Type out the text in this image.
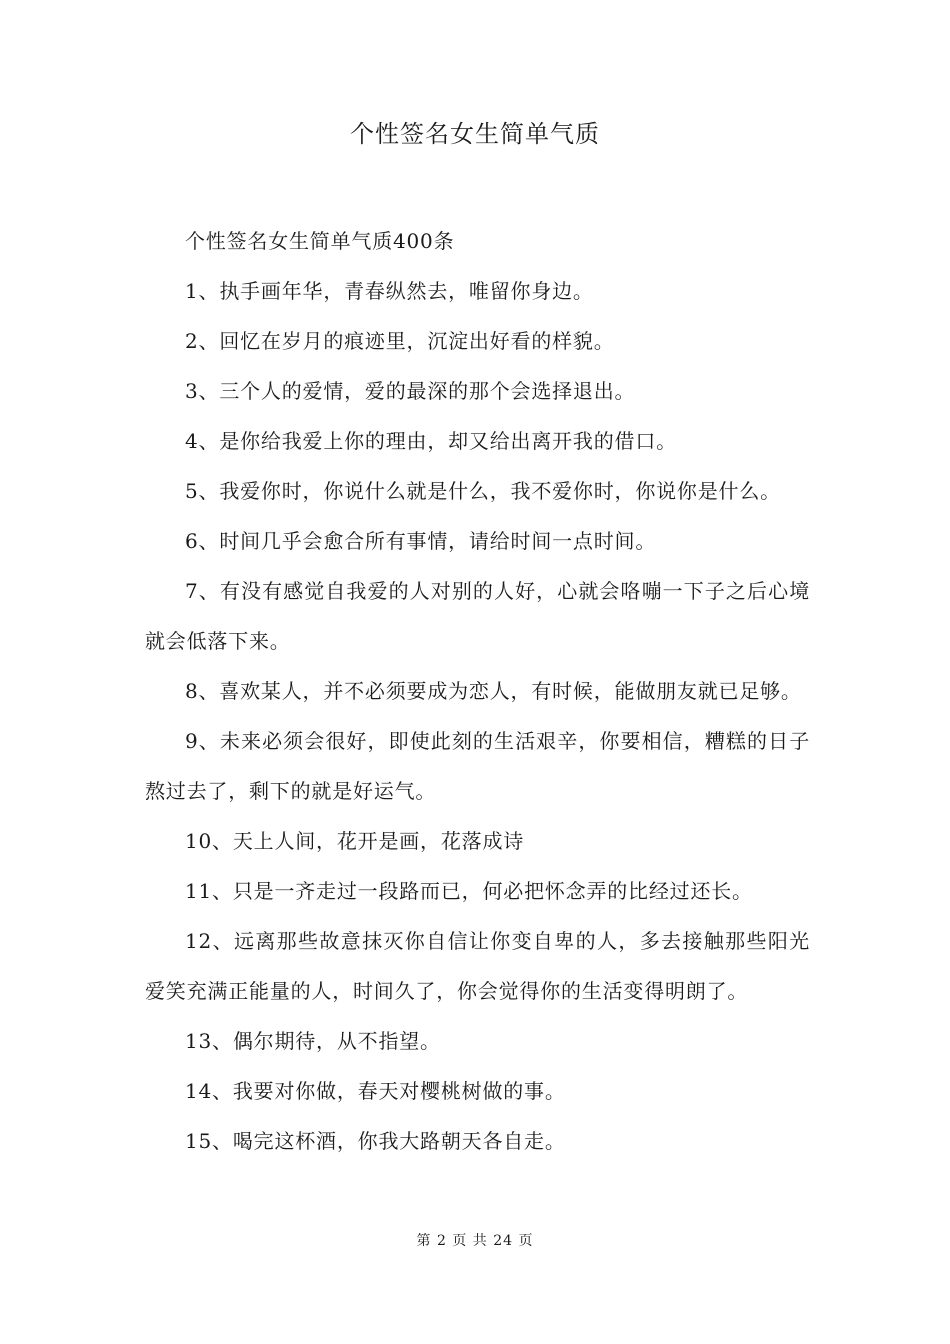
个性签名女生简单气质

个性签名女生简单气质400条

1、执手画年华，青春纵然去，唯留你身边。

2、回忆在岁月的痕迹里，沉淀出好看的样貌。

3、三个人的爱情，爱的最深的那个会选择退出。

4、是你给我爱上你的理由，却又给出离开我的借口。

5、我爱你时，你说什么就是什么，我不爱你时，你说你是什么。

6、时间几乎会愈合所有事情，请给时间一点时间。

7、有没有感觉自我爱的人对别的人好，心就会咯嘣一下子之后心境就会低落下来。

8、喜欢某人，并不必须要成为恋人，有时候，能做朋友就已足够。

9、未来必须会很好，即使此刻的生活艰辛，你要相信，糟糕的日子熬过去了，剩下的就是好运气。

10、天上人间，花开是画，花落成诗

11、只是一齐走过一段路而已，何必把怀念弄的比经过还长。

12、远离那些故意抹灭你自信让你变自卑的人，多去接触那些阳光爱笑充满正能量的人，时间久了，你会觉得你的生活变得明朗了。

13、偶尔期待，从不指望。

14、我要对你做，春天对樱桃树做的事。

15、喝完这杯酒，你我大路朝天各自走。

第 2 页 共 24 页
